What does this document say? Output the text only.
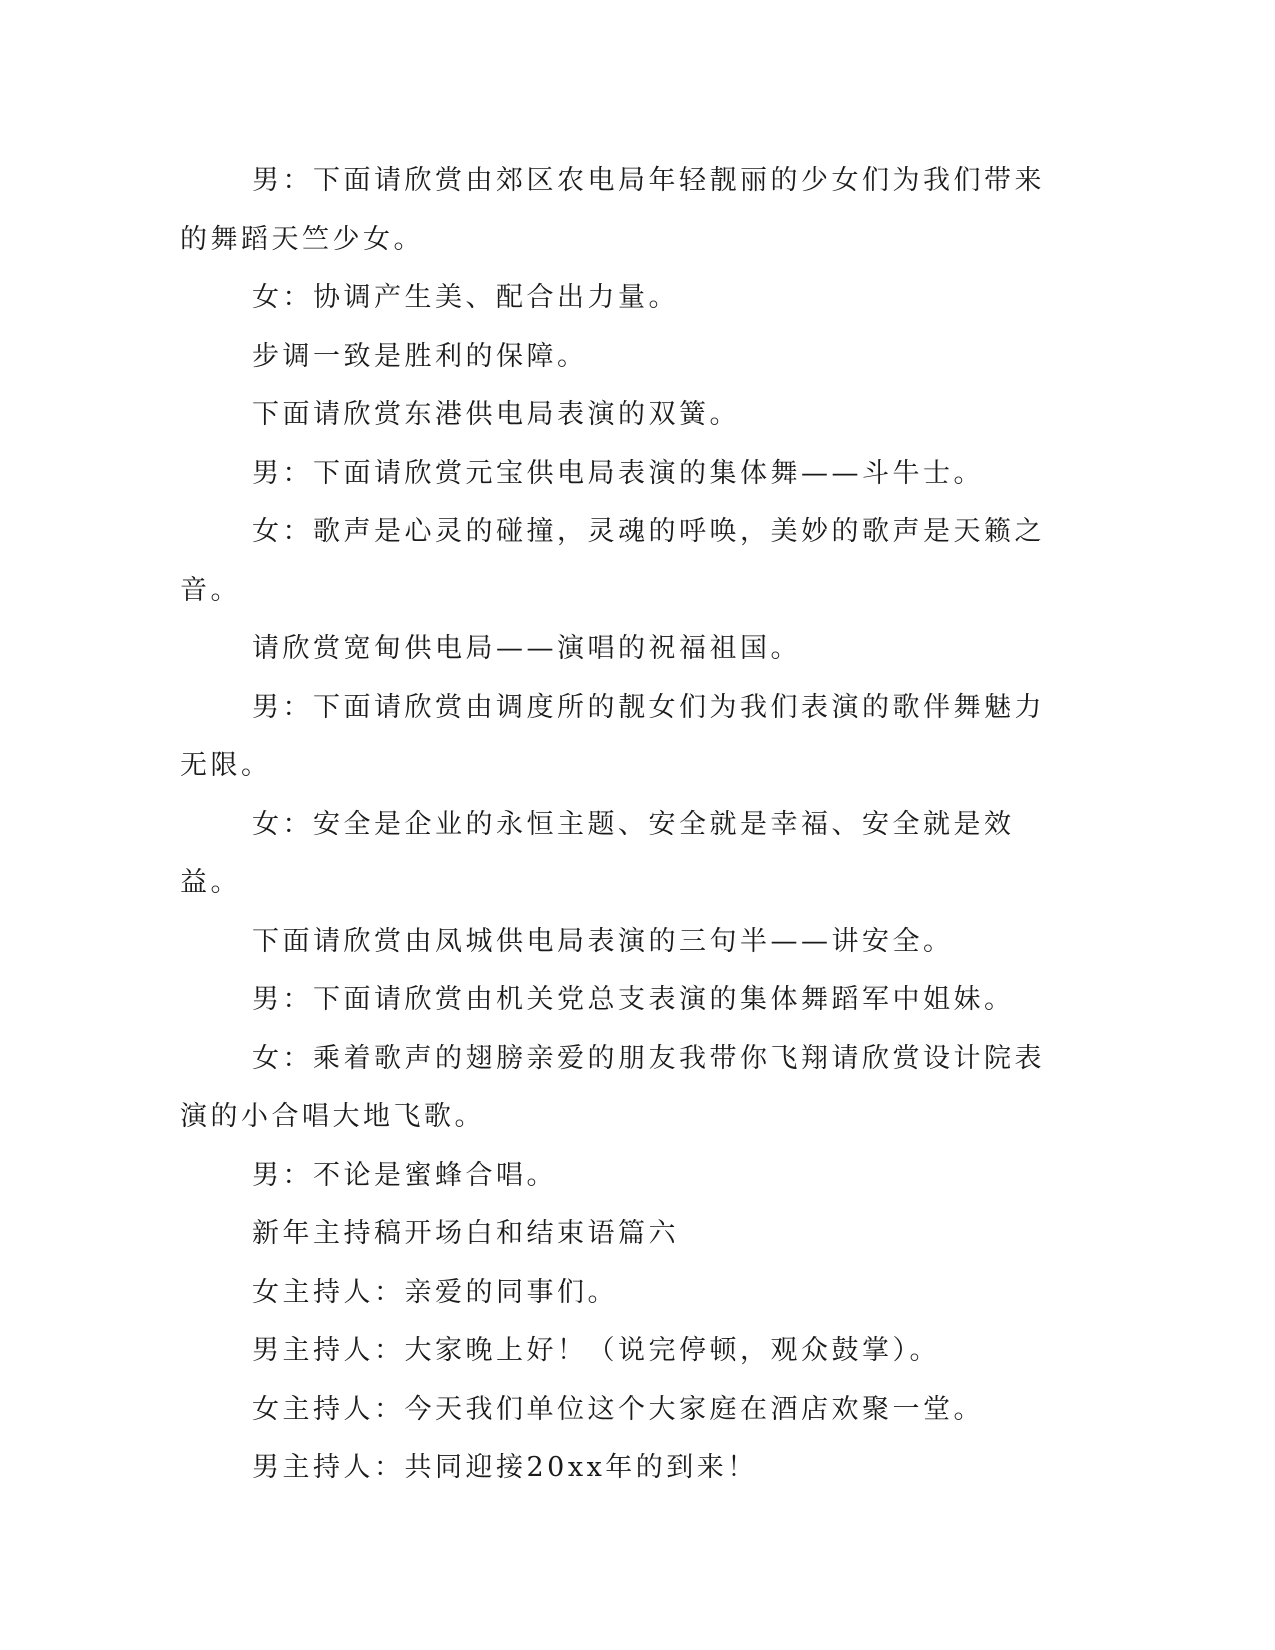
男：下面请欣赏由郊区农电局年轻靓丽的少女们为我们带来的舞蹈天竺少女。

女：协调产生美、配合出力量。

步调一致是胜利的保障。

下面请欣赏东港供电局表演的双簧。

男：下面请欣赏元宝供电局表演的集体舞——斗牛士。

女：歌声是心灵的碰撞，灵魂的呼唤，美妙的歌声是天籁之音。

请欣赏宽甸供电局——演唱的祝福祖国。

男：下面请欣赏由调度所的靓女们为我们表演的歌伴舞魅力无限。

女：安全是企业的永恒主题、安全就是幸福、安全就是效益。

下面请欣赏由凤城供电局表演的三句半——讲安全。

男：下面请欣赏由机关党总支表演的集体舞蹈军中姐妹。

女：乘着歌声的翅膀亲爱的朋友我带你飞翔请欣赏设计院表演的小合唱大地飞歌。

男：不论是蜜蜂合唱。

新年主持稿开场白和结束语篇六

女主持人：亲爱的同事们。

男主持人：大家晚上好！（说完停顿，观众鼓掌）。

女主持人：今天我们单位这个大家庭在酒店欢聚一堂。

男主持人：共同迎接20xx年的到来！
